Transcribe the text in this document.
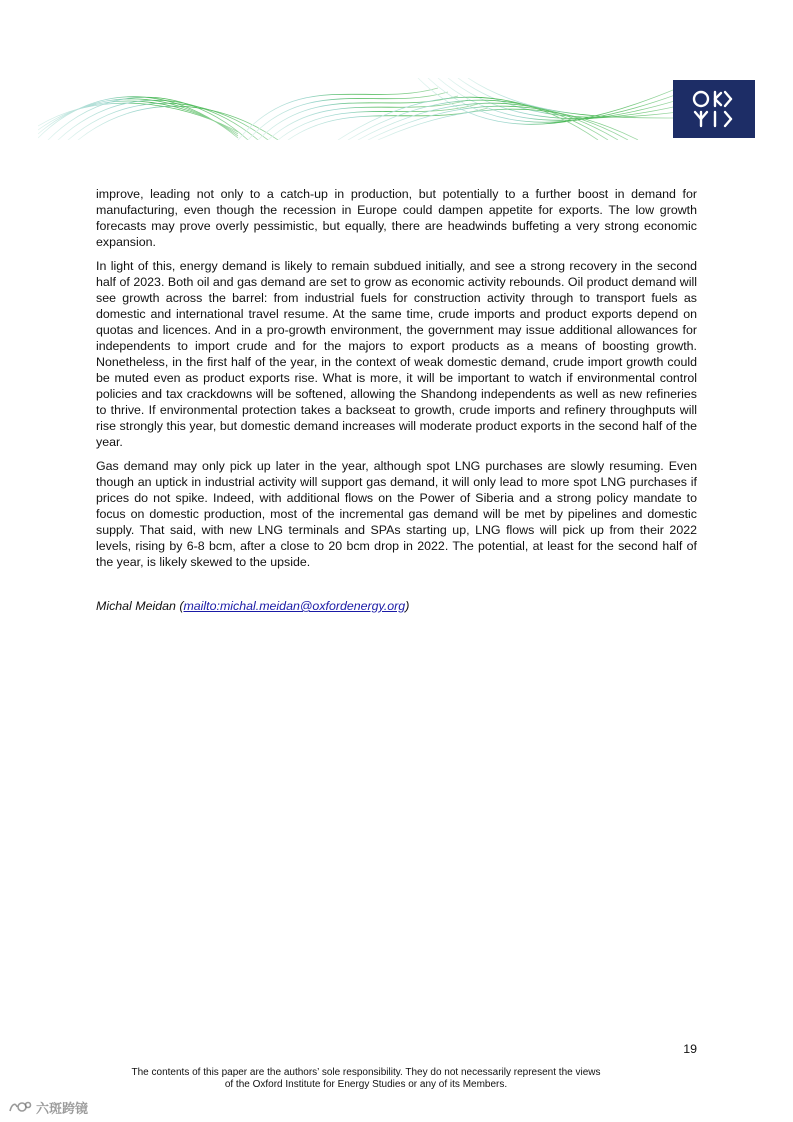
improve, leading not only to a catch-up in production, but potentially to a further boost in demand for manufacturing, even though the recession in Europe could dampen appetite for exports. The low growth forecasts may prove overly pessimistic, but equally, there are headwinds buffeting a very strong economic expansion.

In light of this, energy demand is likely to remain subdued initially, and see a strong recovery in the second half of 2023. Both oil and gas demand are set to grow as economic activity rebounds. Oil product demand will see growth across the barrel: from industrial fuels for construction activity through to transport fuels as domestic and international travel resume. At the same time, crude imports and product exports depend on quotas and licences. And in a pro-growth environment, the government may issue additional allowances for independents to import crude and for the majors to export products as a means of boosting growth. Nonetheless, in the first half of the year, in the context of weak domestic demand, crude import growth could be muted even as product exports rise. What is more, it will be important to watch if environmental control policies and tax crackdowns will be softened, allowing the Shandong independents as well as new refineries to thrive. If environmental protection takes a backseat to growth, crude imports and refinery throughputs will rise strongly this year, but domestic demand increases will moderate product exports in the second half of the year.

Gas demand may only pick up later in the year, although spot LNG purchases are slowly resuming. Even though an uptick in industrial activity will support gas demand, it will only lead to more spot LNG purchases if prices do not spike. Indeed, with additional flows on the Power of Siberia and a strong policy mandate to focus on domestic production, most of the incremental gas demand will be met by pipelines and domestic supply. That said, with new LNG terminals and SPAs starting up, LNG flows will pick up from their 2022 levels, rising by 6-8 bcm, after a close to 20 bcm drop in 2022. The potential, at least for the second half of the year, is likely skewed to the upside.

Michal Meidan (mailto:michal.meidan@oxfordenergy.org)
19
The contents of this paper are the authors’ sole responsibility. They do not necessarily represent the views
of the Oxford Institute for Energy Studies or any of its Members.
六斑跨镜
